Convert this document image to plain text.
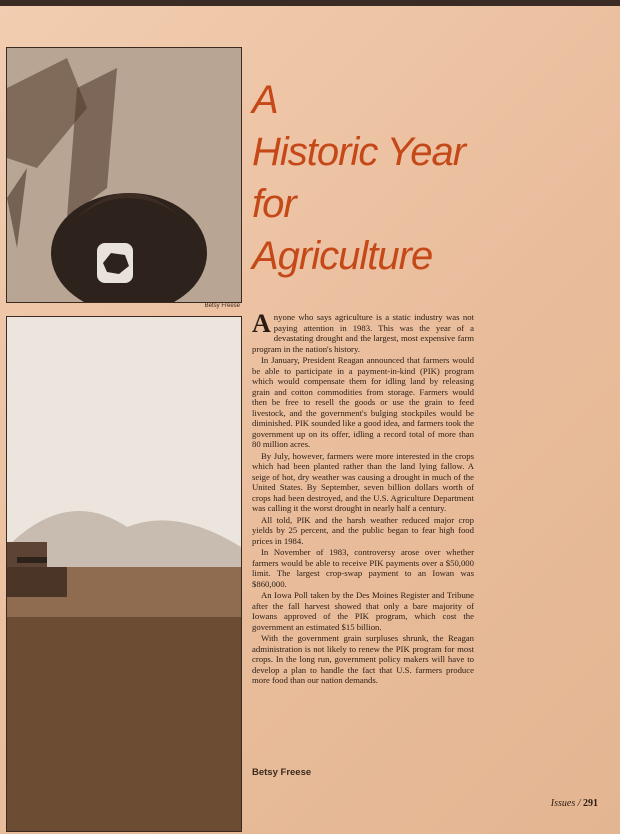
Betsy Freese
A
Historic Year
for
Agriculture

Anyone who says agriculture is a static industry was not paying attention in 1983. This was the year of a devastating drought and the largest, most expensive farm program in the nation's history.

In January, President Reagan announced that farmers would be able to participate in a payment-in-kind (PIK) program which would compensate them for idling land by releasing grain and cotton commodities from storage. Farmers would then be free to resell the goods or use the grain to feed livestock, and the government's bulging stockpiles would be diminished. PIK sounded like a good idea, and farmers took the government up on its offer, idling a record total of more than 80 million acres.

By July, however, farmers were more interested in the crops which had been planted rather than the land lying fallow. A seige of hot, dry weather was causing a drought in much of the United States. By September, seven billion dollars worth of crops had been destroyed, and the U.S. Agriculture Department was calling it the worst drought in nearly half a century.

All told, PIK and the harsh weather reduced major crop yields by 25 percent, and the public began to fear high food prices in 1984.

In November of 1983, controversy arose over whether farmers would be able to receive PIK payments over a $50,000 limit. The largest crop-swap payment to an Iowan was $860,000.

An Iowa Poll taken by the Des Moines Register and Tribune after the fall harvest showed that only a bare majority of Iowans approved of the PIK program, which cost the government an estimated $15 billion.

With the government grain surpluses shrunk, the Reagan administration is not likely to renew the PIK program for most crops. In the long run, government policy makers will have to develop a plan to handle the fact that U.S. farmers produce more food than our nation demands.

Betsy Freese
Issues / 291
